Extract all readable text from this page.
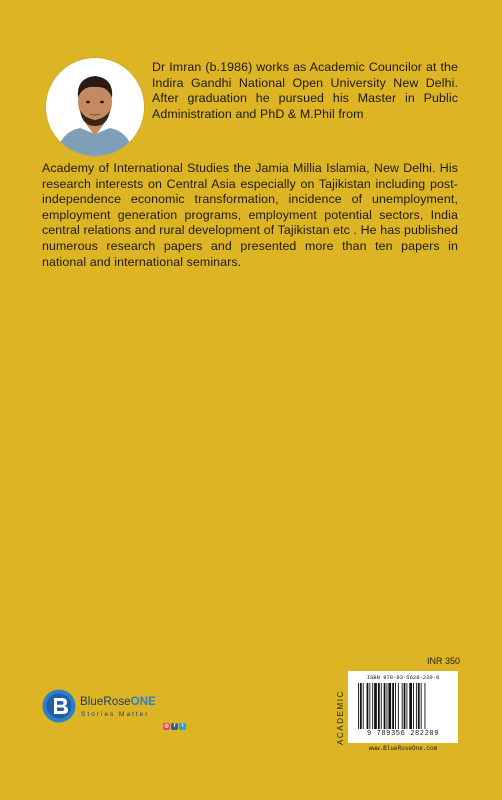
Dr Imran (b.1986) works as Academic Councilor at the Indira Gandhi National Open University New Delhi. After graduation he pursued his Master in Public Administration and PhD & M.Phil from
Academy of International Studies the Jamia Millia Islamia, New Delhi. His research interests on Central Asia especially on Tajikistan including post-independence economic transformation, incidence of unemployment, employment generation programs, employment potential sectors, India central relations and rural development of Tajikistan etc . He has published numerous research papers and presented more than ten papers in national and international seminars.
INR 350
ACADEMIC
ISBN 978-93-5628-220-9
9 789356 282209
www.BlueRoseOne.com
BlueRoseONE
Stories Matter
◎ f	t
